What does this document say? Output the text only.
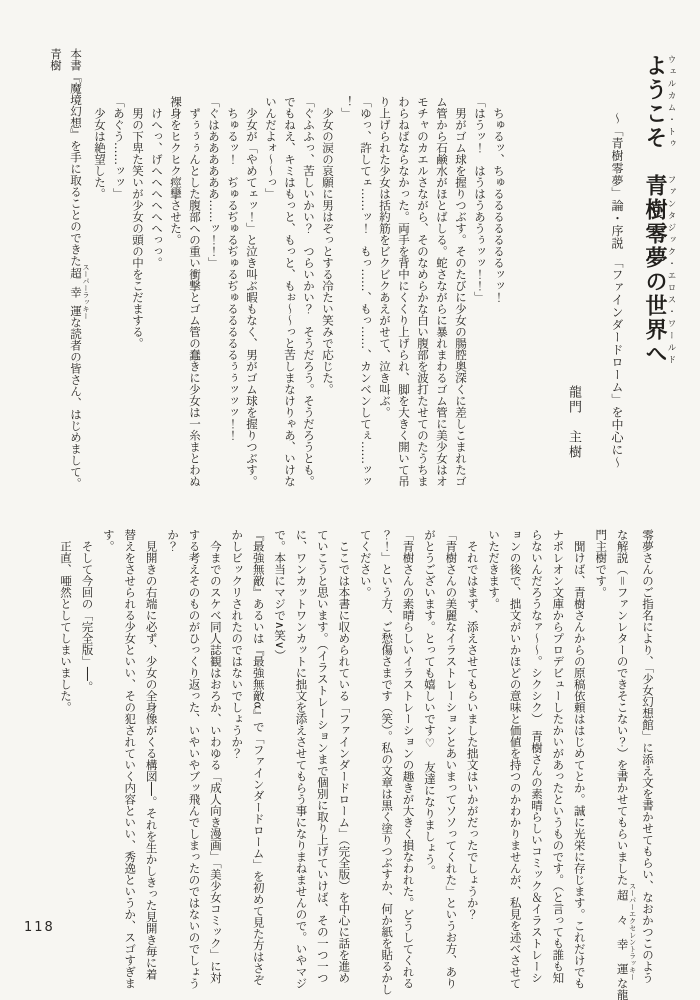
ようこそウェルカム・トゥ　青樹零夢の世界へファンタジック・エロス・ワールド
〜「青樹零夢」論・序説　「ファインダードローム」を中心に〜
龍門　主樹
　ちゅるッ、ちゅるるるるるるるッッ！
「はうッ！　はうはうあうぅッッ！！」
　男がゴム球を握りつぶす。そのたびに少女の腸腔奥深くに差しこまれたゴ
ム管から石鹸水がほとばしる。蛇さながらに暴れまわるゴム管に美少女はオ
モチャのカエルさながら、そのなめらかな白い腹部を波打たせてのたうちま
わらねばならなかった。両手を背中にくくり上げられ、脚を大きく開いて吊
り上げられた少女は括約筋をビクビクあえがせて、泣き叫ぶ。
「ゆっ、許してェ……ッ！　もっ……、もっ……、カンベンしてぇ……ッッ
！」
　少女の涙の哀願に男はぞっとする冷たい笑みで応じた。
「ぐふふっ、苦しいかい？　つらいかい？　そうだろう。そうだろうとも。
でもねえ、キミはもっと、もっと、もぉ〜〜っと苦しまなけりゃあ、いけな
いんだよォ〜〜っ」
　少女が「やめてェッ！」と泣き叫ぶ暇もなく、男がゴム球を握りつぶす。
　ちゅるッ！　ぢゅるぢゅるぢゅるぢゅるるるるるぅぅッッッ！！
「ぐはああああああ……ッ！！」
　ずぅぅぅんとした腹部への重い衝撃とゴム管の蠢きに少女は一糸まとわぬ
裸身をヒクヒク痙攣させた。
　けへっ、げへへへへへへっっ。
　男の下卑た笑いが少女の頭の中をこだまする。
「あぐう……ッッ」
　少女は絶望した。
本書『魔境幻想』を手に取ることのできた超幸運 スーパーラッキーな読者の皆さん、はじめまして。青樹
零夢さんのご指名により、「少女幻想館」に添え文を書かせてもらい、なおかつこのよう
な解説（＝ファンレターのできそこない？）を書かせてもらいました超々幸運 スーパーエクセレントラッキーな龍
門主樹です。
　聞けば、青樹さんからの原稿依頼ははじめてとか。誠に光栄に存じます。これだけでも
ナポレオン文庫からプロデビューしたかいがあったというものです。（と言っても誰も知
らないんだろうなァ〜〜。シクシク）　青樹さんの素晴らしいコミック＆イラストレーシ
ョンの後で、拙文がいかほどの意味と価値を持つのかわかりませんが、私見を述べさせて
いただきます。
　それではまず、添えさせてもらいました拙文はいかがだったでしょうか？
「青樹さんの美麗なイラストレーションとあいまってソソってくれた」というお方、あり
がとうございます。とっても嬉しいです♡　友達になりましょう。
「青樹さんの素晴らしいイラストレーションの趣きが大きく損なわれた。どうしてくれる
？！」という方、ご愁傷さまです（笑）。私の文章は黒く塗りつぶすか、何か紙を貼るかし
てください。
　ここでは本書に収められている「ファインダードローム」（完全版）を中心に話を進め
ていこうと思います。（イラストレーションまで個別に取り上げていけば、その一つ一つ
に、ワンカットワンカットに拙文を添えさせてもらう事になりまねませんので。いやマジ
で。本当にマジで∧笑∨）
『最強無敵』あるいは『最強無敵α』で「ファインダードローム」を初めて見た方はさぞ
かしビックリされたのではないでしょうか？
　今までのスケベ同人誌観はおろか、いわゆる「成人向き漫画」「美少女コミック」に対
する考えそのものがひっくり返った、いやいやブッ飛んでしまったのではないのでしょう
か？
　見開きの右端に必ず、少女の全身像がくる構図──。それを生かしきった見開き毎に着
替えをさせられる少女といい、その犯されていく内容といい、秀逸というか、スゴすぎま
す。
　そして今回の「完全版」──。
　正直、唖然としてしまいました。
118
